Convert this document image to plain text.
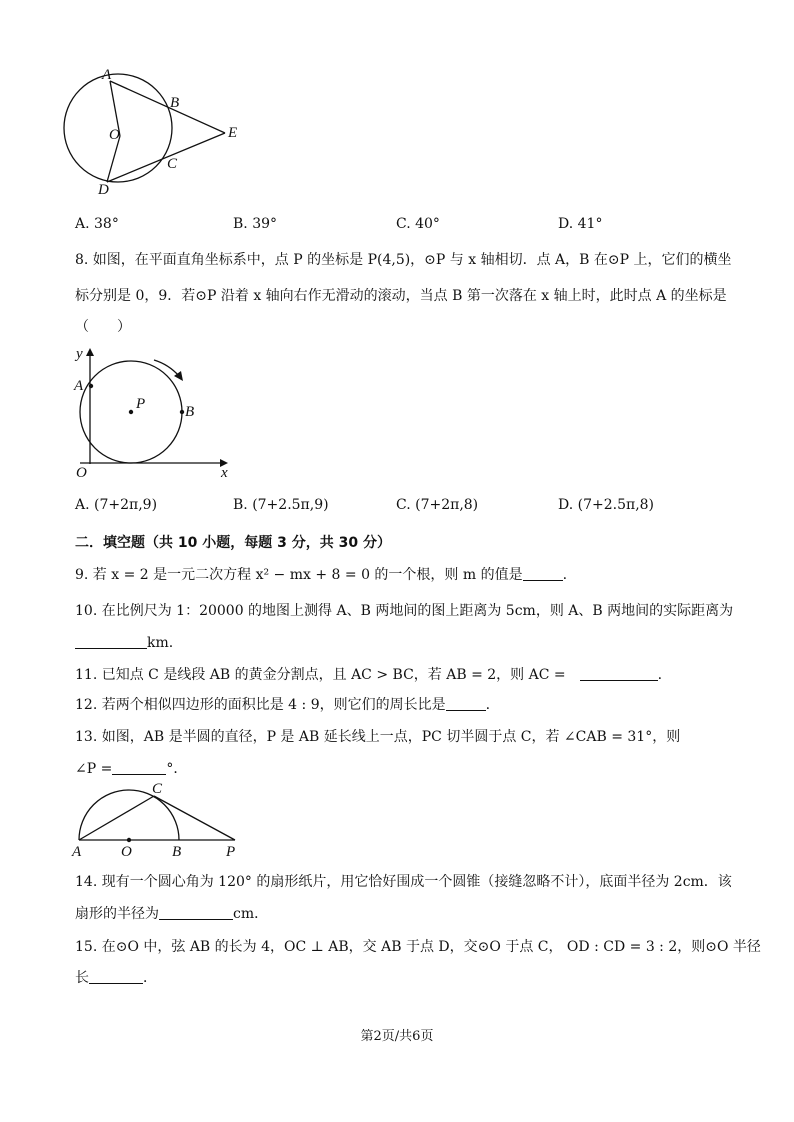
A
B
O	E
C
D
A. 38°	B. 39°	C. 40°	D. 41°
8. 如图，在平面直角坐标系中，点 P 的坐标是 P(4,5)，⊙P 与 x 轴相切．点 A，B 在⊙P 上，它们的横坐
标分别是 0，9．若⊙P 沿着 x 轴向右作无滑动的滚动，当点 B 第一次落在 x 轴上时，此时点 A 的坐标是
（　　）
y
A
P	B
O	x
A. (7+2π,9)	B. (7+2.5π,9)	C. (7+2π,8)	D. (7+2.5π,8)
二．填空题（共 10 小题，每题 3 分，共 30 分）
9. 若 x = 2 是一元二次方程 x² − mx + 8 = 0 的一个根，则 m 的值是	.
10. 在比例尺为 1：20000 的地图上测得 A、B 两地间的图上距离为 5cm，则 A、B 两地间的实际距离为
km.
11. 已知点 C 是线段 AB 的黄金分割点，且 AC > BC，若 AB = 2，则 AC =	.
12. 若两个相似四边形的面积比是 4 : 9，则它们的周长比是	.
13. 如图，AB 是半圆的直径，P 是 AB 延长线上一点，PC 切半圆于点 C，若 ∠CAB = 31°，则
∠P =	°．
C
A	O	B	P
14. 现有一个圆心角为 120° 的扇形纸片，用它恰好围成一个圆锥（接缝忽略不计），底面半径为 2cm．该
扇形的半径为	cm．
15. 在⊙O 中，弦 AB 的长为 4，OC ⊥ AB，交 AB 于点 D，交⊙O 于点 C， OD : CD = 3 : 2，则⊙O 半径
长	．
第2页/共6页
